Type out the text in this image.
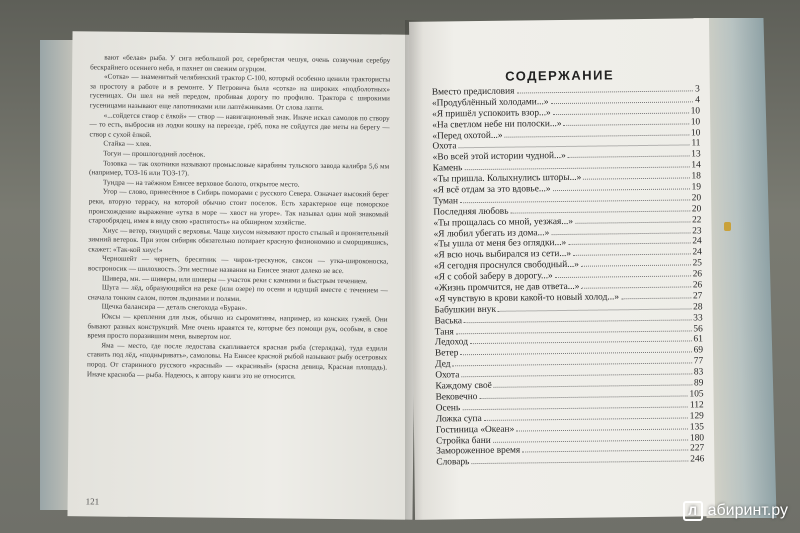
вают «белая» рыба. У сига небольшой рот, серебристая чешуя, очень созвучная серебру бескрайнего осеннего неба, и пахнет он свежим огурцом.

«Сотка» — знаменитый челябинский трактор С-100, который особенно ценили трактористы за простоту в работе и в ремонте. У Петровича была «сотка» на широких «подболотных» гусеницах. Он шел на ней передом, пробивая дорогу по профилю. Трактора с широкими гусеницами называют еще лапотниками или лаптёжниками. От слова лапти.

«...сойдется створ с ёлкой» — створ — навигационный знак. Иначе искал самолов по створу — то есть, выбросив из лодки кошку на переезде, грёб, пока не сойдутся две меты на берегу — створ с сухой ёлкой.

Стайка — хлев.

Тогуи — прошлогодний лосёнок.

Тозовка — так охотники называют промысловые карабины тульского завода калибра 5,6 мм (например, ТОЗ-16 или ТОЗ-17).

Тундра — на таёжном Енисее верховое болото, открытое место.

Угор — слово, принесённое в Сибирь поморами с русского Севера. Означает высокий берег реки, вторую террасу, на которой обычно стоит поселок. Есть характерное еще поморское происхождение выражение «утка в море — хвост на угоре». Так называл один мой знакомый старообрядец, имея в виду свою «распятость» на обширном хозяйстве.

Хиус — ветер, тянущий с верховья. Чаще хиусом называют просто стылый и пронзительный зимний ветерок. При этом сибиряк обязательно потирает красную физиономию и сморщившись, скажет: «Так-кой хиус!»

Черношейт — чернеть, бресятник — чирок-трескунок, саксон — утка-широконоска, востроносик — шилохвость. Эти местные названия на Енисее знают далеко не все.

Шивера, мн. — шиверы, или шиверы — участок реки с камнями и быстрым течением.

Шуга — лёд, образующийся на реке (или озере) по осени и идущий вместе с течением — сначала тонким салом, потом льдинами и полями.

Щечка балансира — деталь снегохода «Буран».

Юксы — крепления для лыж, обычно из сыромятины, например, из конских гужей. Они бывают разных конструкций. Мне очень нравятся те, которые без помощи рук, особым, в свое время просто поразившим меня, вывертом ног.

Яма — место, где после ледостава скапливается красная рыба (стерлядка), туда ездили ставить под лёд, «подныривать», самоловы. На Енисее красной рыбой называют рыбу осетровых пород. От старинного русского «красный» — «красивый» (красна девица, Красная площадь). Иначе красноба — рыба. Надеюсь, к автору книги это не относится.

121
СОДЕРЖАНИЕ
Вместо предисловия	3
«Продублённый холодами...»	4
«Я пришёл успокоить взор...»	10
«На светлом небе ни полоски...»	10
«Перед охотой...»	10
Охота	11
«Во всей этой истории чудной...»	13
Камень	14
«Ты пришла. Колыхнулись шторы...»	18
«Я всё отдам за это вдовье...»	19
Туман	20
Последняя любовь	20
«Ты прощалась со мной, уезжая...»	22
«Я любил убегать из дома...»	23
«Ты ушла от меня без оглядки...»	24
«Я всю ночь выбирался из сети...»	24
«Я сегодня проснулся свободный...»	25
«Я с собой заберу в дорогу...»	26
«Жизнь промчится, не дав ответа...»	26
«Я чувствую в крови какой-то новый холод...»	27
Бабушкин внук	28
Васька	33
Таня	56
Ледоход	61
Ветер	69
Дед	77
Охота	83
Каждому своё	89
Вековечно	105
Осень	112
Ложка супа	129
Гостиница «Океан»	135
Стройка бани	180
Замороженное время	227
Словарь	246
Л абиринт.ру
